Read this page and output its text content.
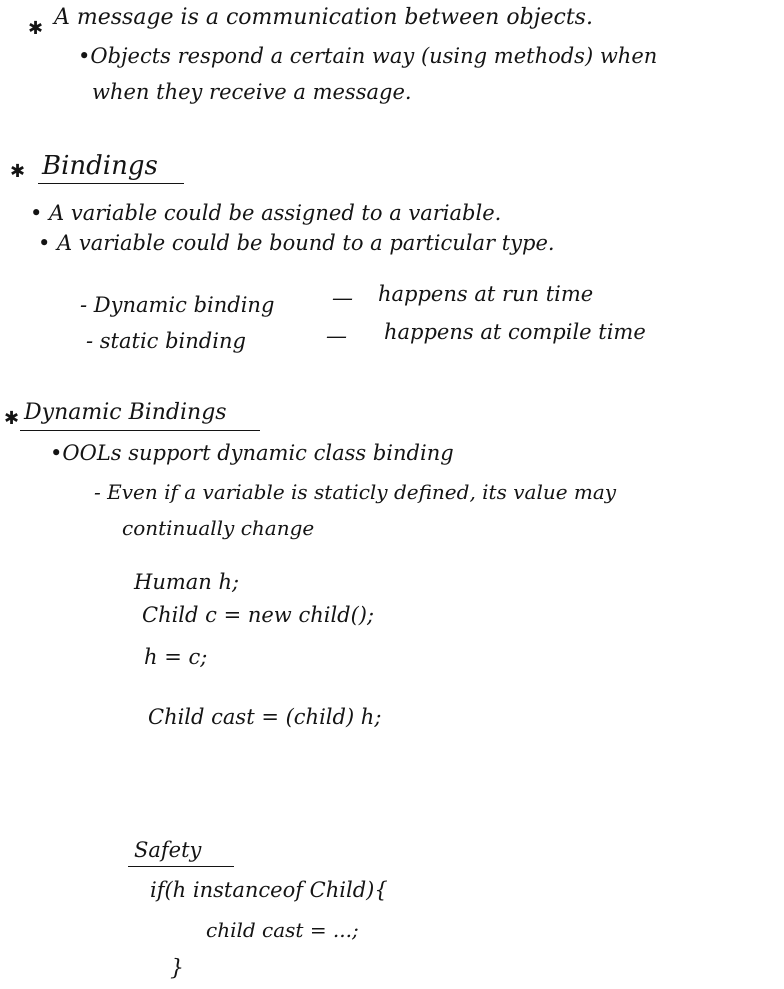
✱ A message is a communication between objects.
•Objects respond a certain way (using methods) when
when they receive a message.
✱ Bindings
• A variable could be assigned to a variable.
• A variable could be bound to a particular type.
- Dynamic binding	— happens at run time
- static binding	— happens at compile time
✱ Dynamic Bindings
•OOLs support dynamic class binding
- Even if a variable is staticly defined, its value may
continually change
Human h;
Child c = new child();
h = c;
Child cast = (child) h;
Safety
if(h instanceof Child){
child cast = ...;
}
